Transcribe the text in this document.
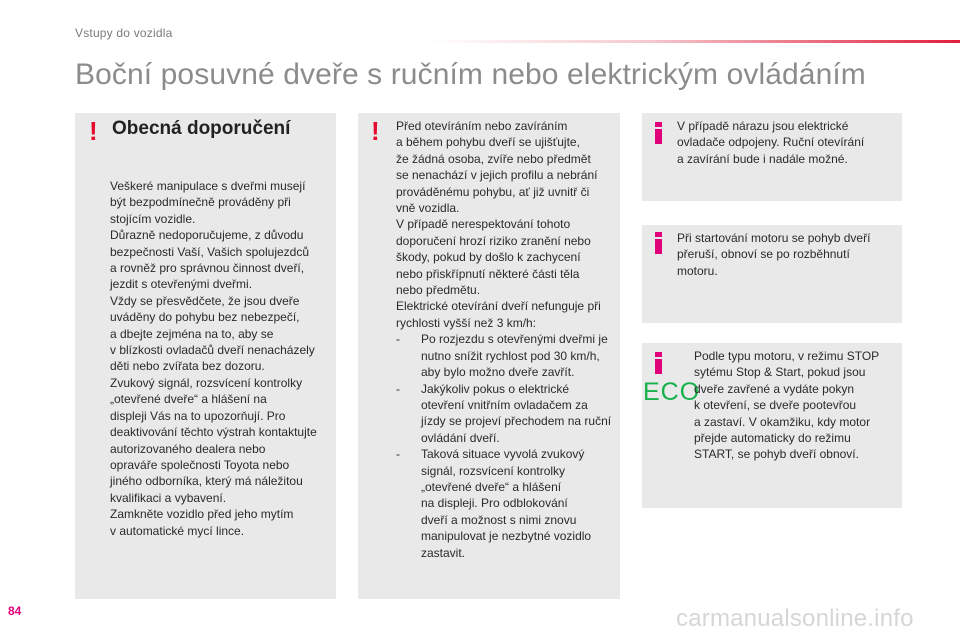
Vstupy do vozidla
Boční posuvné dveře s ručním nebo elektrickým ovládáním
! Obecná doporučení

Veškeré manipulace s dveřmi musejí

být bezpodmínečně prováděny při

stojícím vozidle.

Důrazně nedoporučujeme, z důvodu

bezpečnosti Vaší, Vašich spolujezdců

a rovněž pro správnou činnost dveří,

jezdit s otevřenými dveřmi.

Vždy se přesvědčete, že jsou dveře

uváděny do pohybu bez nebezpečí,

a dbejte zejména na to, aby se

v blízkosti ovladačů dveří nenacházely

děti nebo zvířata bez dozoru.

Zvukový signál, rozsvícení kontrolky

„otevřené dveře“ a hlášení na

displeji Vás na to upozorňují. Pro

deaktivování těchto výstrah kontaktujte

autorizovaného dealera nebo

opraváře společnosti Toyota nebo

jiného odborníka, který má náležitou

kvalifikaci a vybavení.

Zamkněte vozidlo před jeho mytím

v automatické mycí lince.

! Před otevíráním nebo zavíráním

a během pohybu dveří se ujišťujte,

že žádná osoba, zvíře nebo předmět

se nenachází v jejich profilu a nebrání

prováděnému pohybu, ať již uvnitř či

vně vozidla.

V případě nerespektování tohoto

doporučení hrozí riziko zranění nebo

škody, pokud by došlo k zachycení

nebo přiskřípnutí některé části těla

nebo předmětu.

Elektrické otevírání dveří nefunguje při

rychlosti vyšší než 3 km/h:

-	Po rozjezdu s otevřenými dveřmi je

nutno snížit rychlost pod 30 km/h,

aby bylo možno dveře zavřít.

-	Jakýkoliv pokus o elektrické

otevření vnitřním ovladačem za

jízdy se projeví přechodem na ruční

ovládání dveří.

-	Taková situace vyvolá zvukový

signál, rozsvícení kontrolky

„otevřené dveře“ a hlášení

na displeji. Pro odblokování

dveří a možnost s nimi znovu

manipulovat je nezbytné vozidlo

zastavit.

V případě nárazu jsou elektrické

ovladače odpojeny. Ruční otevírání

a zavírání bude i nadále možné.

Při startování motoru se pohyb dveří

přeruší, obnoví se po rozběhnutí

motoru.

ECO

Podle typu motoru, v režimu STOP

sytému Stop & Start, pokud jsou

dveře zavřené a vydáte pokyn

k otevření, se dveře pootevřou

a zastaví. V okamžiku, kdy motor

přejde automaticky do režimu

START, se pohyb dveří obnoví.

84	carmanualsonline.info
